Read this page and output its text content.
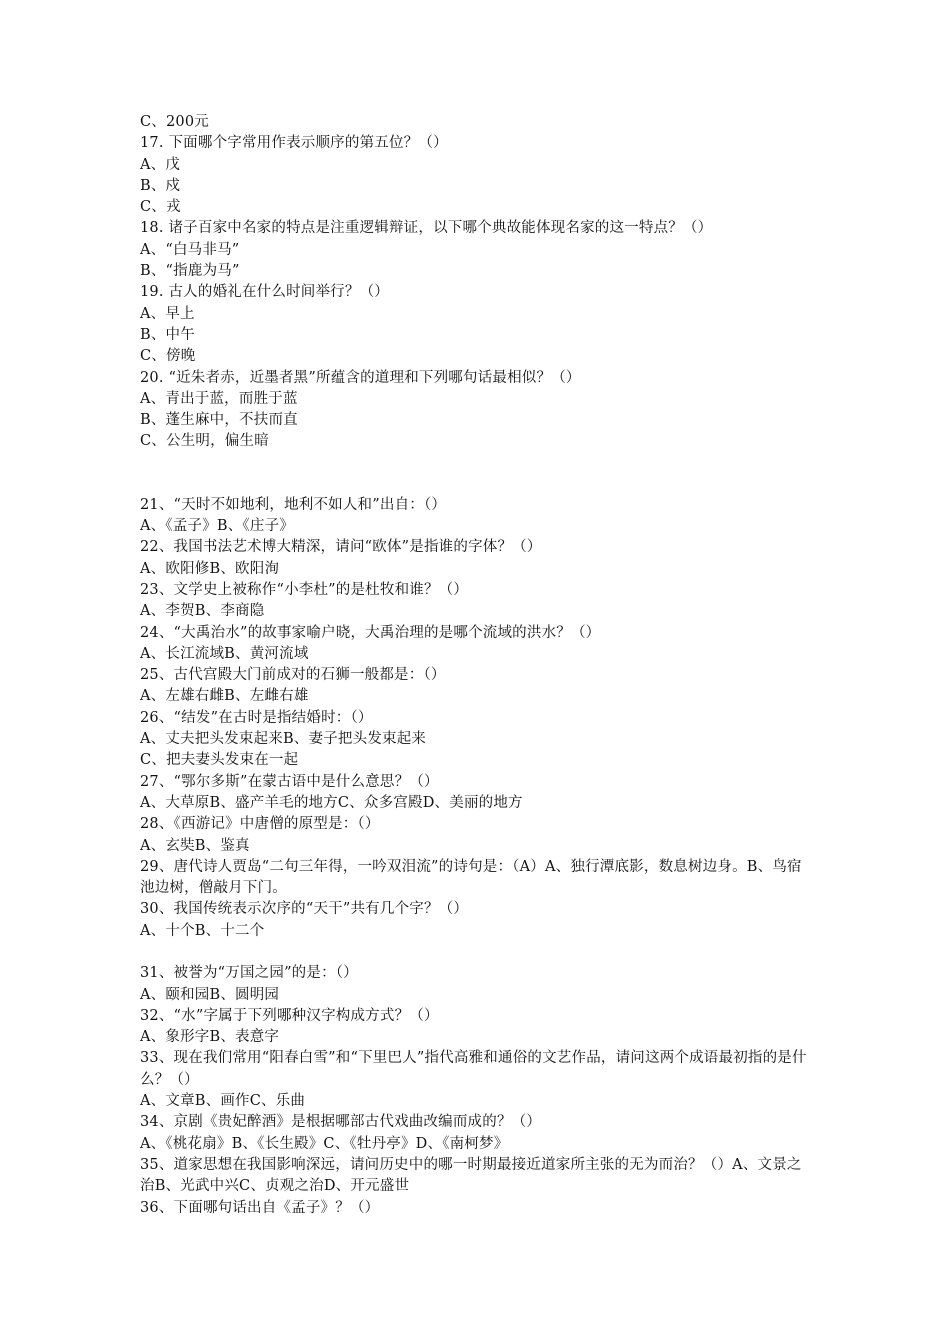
C、200元
17. 下面哪个字常用作表示顺序的第五位？（）
A、戊
B、戍
C、戎
18. 诸子百家中名家的特点是注重逻辑辩证，以下哪个典故能体现名家的这一特点？（）
A、“白马非马”
B、“指鹿为马”
19. 古人的婚礼在什么时间举行？（）
A、早上
B、中午
C、傍晚
20. “近朱者赤，近墨者黑”所蕴含的道理和下列哪句话最相似？（）
A、青出于蓝，而胜于蓝
B、蓬生麻中，不扶而直
C、公生明，偏生暗
21、“天时不如地利，地利不如人和”出自：（）
A、《孟子》B、《庄子》
22、我国书法艺术博大精深，请问“欧体”是指谁的字体？（）
A、欧阳修B、欧阳洵
23、文学史上被称作“小李杜”的是杜牧和谁？（）
A、李贺B、李商隐
24、“大禹治水”的故事家喻户晓，大禹治理的是哪个流域的洪水？（）
A、长江流域B、黄河流域
25、古代宫殿大门前成对的石狮一般都是：（）
A、左雄右雌B、左雌右雄
26、“结发”在古时是指结婚时：（）
A、丈夫把头发束起来B、妻子把头发束起来
C、把夫妻头发束在一起
27、“鄂尔多斯”在蒙古语中是什么意思？（）
A、大草原B、盛产羊毛的地方C、众多宫殿D、美丽的地方
28、《西游记》中唐僧的原型是：（）
A、玄奘B、鉴真
29、唐代诗人贾岛“二句三年得，一吟双泪流”的诗句是：（A）A、独行潭底影，数息树边身。B、鸟宿池边树，僧敲月下门。
30、我国传统表示次序的“天干”共有几个字？（）
A、十个B、十二个
31、被誉为“万国之园”的是：（）
A、颐和园B、圆明园
32、“水”字属于下列哪种汉字构成方式？（）
A、象形字B、表意字
33、现在我们常用“阳春白雪”和“下里巴人”指代高雅和通俗的文艺作品，请问这两个成语最初指的是什么？（）
A、文章B、画作C、乐曲
34、京剧《贵妃醉酒》是根据哪部古代戏曲改编而成的？（）
A、《桃花扇》B、《长生殿》C、《牡丹亭》D、《南柯梦》
35、道家思想在我国影响深远，请问历史中的哪一时期最接近道家所主张的无为而治？（）A、文景之治B、光武中兴C、贞观之治D、开元盛世
36、下面哪句话出自《孟子》？（）
